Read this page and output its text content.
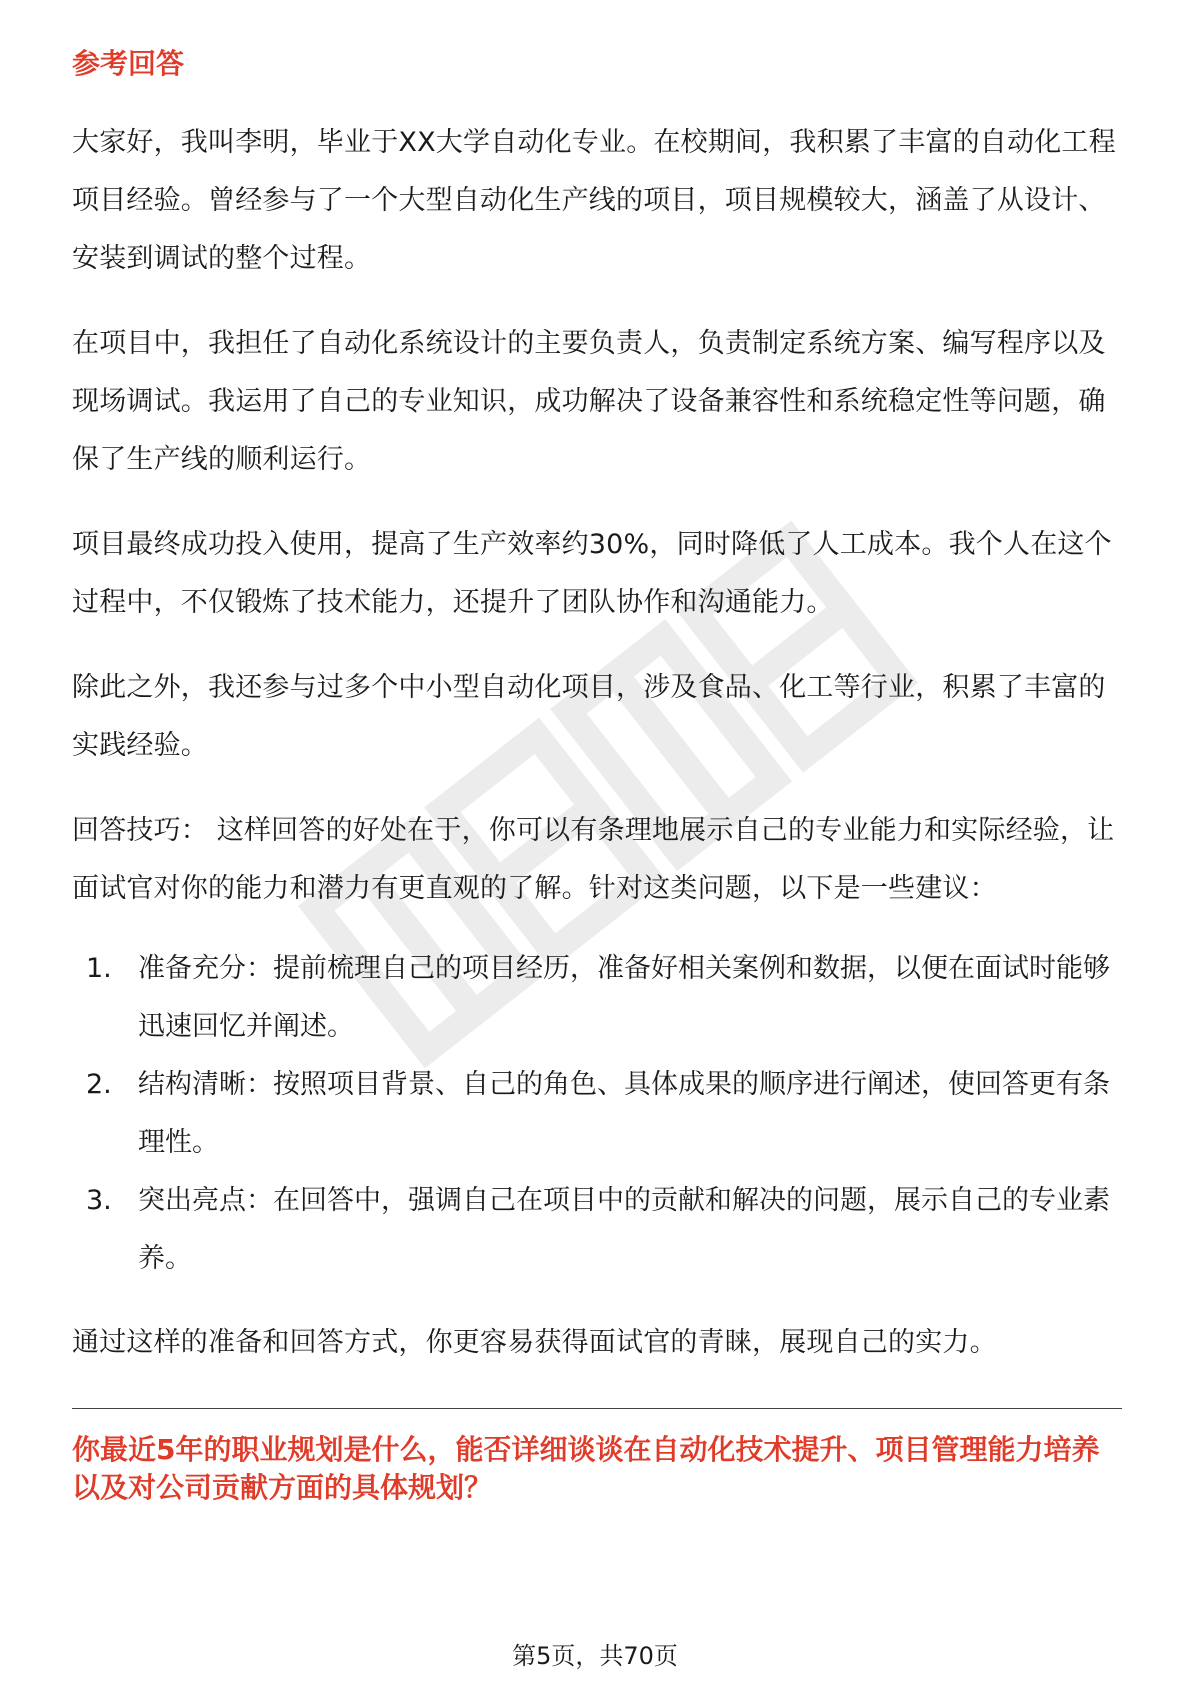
参考回答

大家好，我叫李明，毕业于XX大学自动化专业。在校期间，我积累了丰富的自动化工程项目经验。曾经参与了一个大型自动化生产线的项目，项目规模较大，涵盖了从设计、安装到调试的整个过程。

在项目中，我担任了自动化系统设计的主要负责人，负责制定系统方案、编写程序以及现场调试。我运用了自己的专业知识，成功解决了设备兼容性和系统稳定性等问题，确保了生产线的顺利运行。

项目最终成功投入使用，提高了生产效率约30%，同时降低了人工成本。我个人在这个过程中，不仅锻炼了技术能力，还提升了团队协作和沟通能力。

除此之外，我还参与过多个中小型自动化项目，涉及食品、化工等行业，积累了丰富的实践经验。

回答技巧： 这样回答的好处在于，你可以有条理地展示自己的专业能力和实际经验，让面试官对你的能力和潜力有更直观的了解。针对这类问题，以下是一些建议：

1. 准备充分：提前梳理自己的项目经历，准备好相关案例和数据，以便在面试时能够迅速回忆并阐述。
2. 结构清晰：按照项目背景、自己的角色、具体成果的顺序进行阐述，使回答更有条理性。
3. 突出亮点：在回答中，强调自己在项目中的贡献和解决的问题，展示自己的专业素养。

通过这样的准备和回答方式，你更容易获得面试官的青睐，展现自己的实力。

你最近5年的职业规划是什么，能否详细谈谈在自动化技术提升、项目管理能力培养以及对公司贡献方面的具体规划？
第5页，共70页
